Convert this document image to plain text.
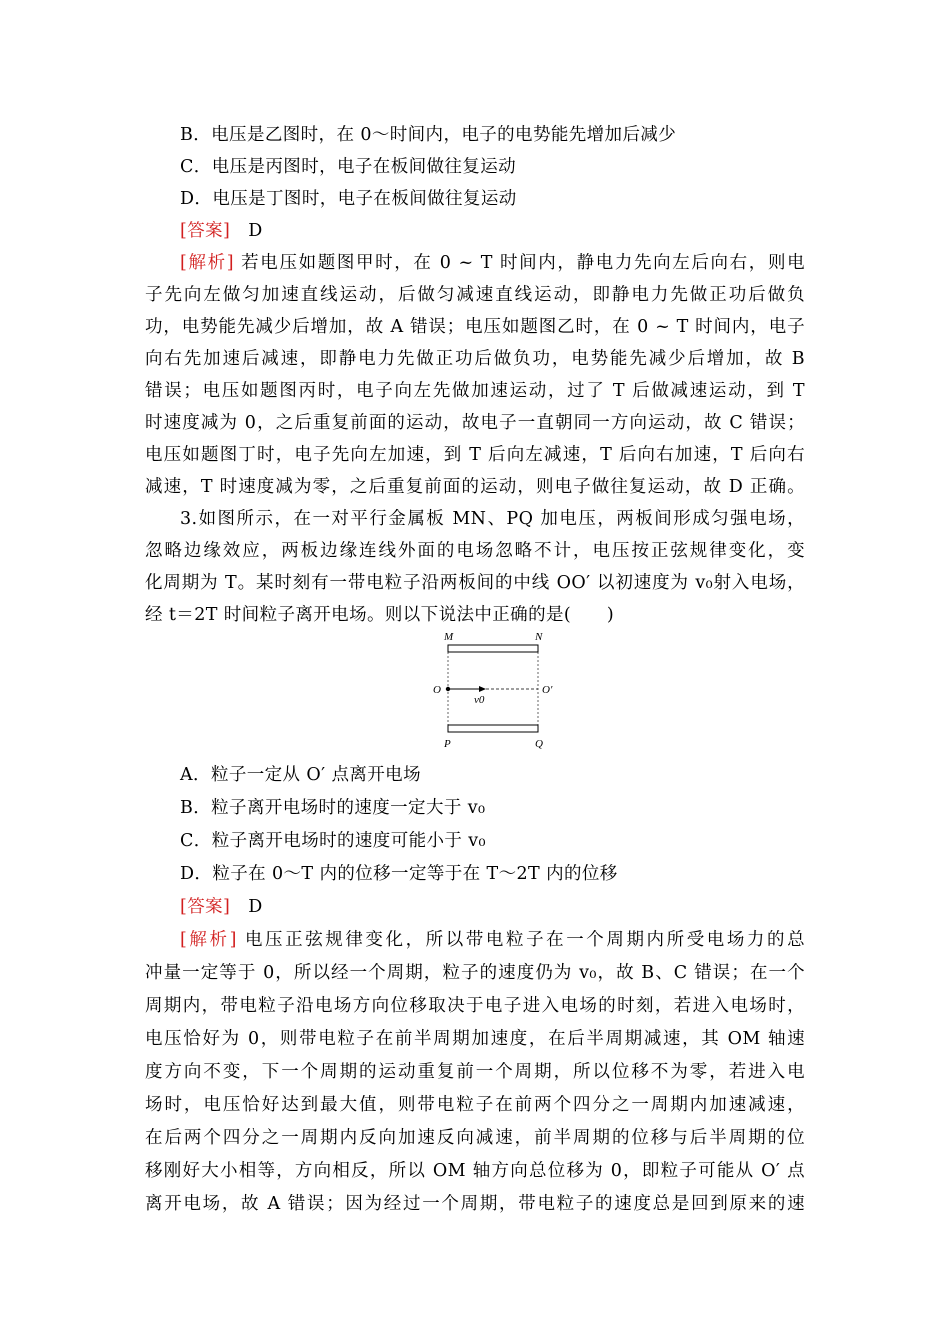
B．电压是乙图时，在 0～时间内，电子的电势能先增加后减少
C．电压是丙图时，电子在板间做往复运动
D．电压是丁图时，电子在板间做往复运动
[答案] D
[解析] 若电压如题图甲时，在 0 ~ T 时间内，静电力先向左后向右，则电
子先向左做匀加速直线运动，后做匀减速直线运动，即静电力先做正功后做负
功，电势能先减少后增加，故 A 错误；电压如题图乙时，在 0 ~ T 时间内，电子
向右先加速后减速，即静电力先做正功后做负功，电势能先减少后增加，故 B
错误；电压如题图丙时，电子向左先做加速运动，过了 T 后做减速运动，到 T
时速度减为 0，之后重复前面的运动，故电子一直朝同一方向运动，故 C 错误；
电压如题图丁时，电子先向左加速，到 T 后向左减速，T 后向右加速，T 后向右
减速，T 时速度减为零，之后重复前面的运动，则电子做往复运动，故 D 正确。
3.如图所示，在一对平行金属板 MN、PQ 加电压，两板间形成匀强电场，
忽略边缘效应，两板边缘连线外面的电场忽略不计，电压按正弦规律变化，变
化周期为 T。某时刻有一带电粒子沿两板间的中线 OO′ 以初速度为 v₀射入电场，
经 t＝2T 时间粒子离开电场。则以下说法中正确的是(　　)
M	N
O	O′
v0
P	Q
A．粒子一定从 O′ 点离开电场
B．粒子离开电场时的速度一定大于 v₀
C．粒子离开电场时的速度可能小于 v₀
D．粒子在 0～T 内的位移一定等于在 T～2T 内的位移
[答案] D
[解析] 电压正弦规律变化，所以带电粒子在一个周期内所受电场力的总
冲量一定等于 0，所以经一个周期，粒子的速度仍为 v₀，故 B、C 错误；在一个
周期内，带电粒子沿电场方向位移取决于电子进入电场的时刻，若进入电场时，
电压恰好为 0，则带电粒子在前半周期加速度，在后半周期减速，其 OM 轴速
度方向不变，下一个周期的运动重复前一个周期，所以位移不为零，若进入电
场时，电压恰好达到最大值，则带电粒子在前两个四分之一周期内加速减速，
在后两个四分之一周期内反向加速反向减速，前半周期的位移与后半周期的位
移刚好大小相等，方向相反，所以 OM 轴方向总位移为 0，即粒子可能从 O′ 点
离开电场，故 A 错误；因为经过一个周期，带电粒子的速度总是回到原来的速
